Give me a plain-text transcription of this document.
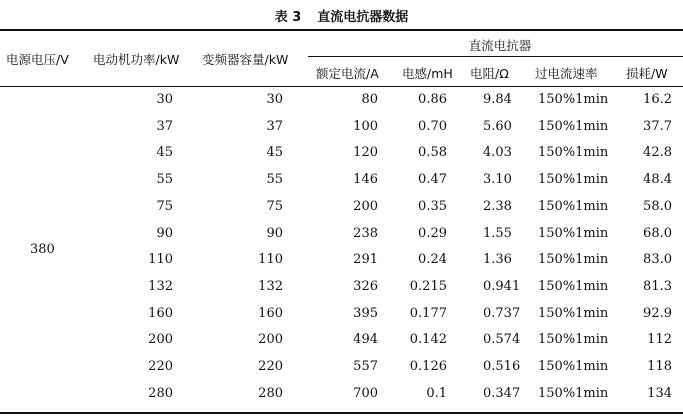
表 3 直流电抗器数据
电源电压/V 电动机功率/kW 变频器容量/kW
直流电抗器
额定电流/A 电感/mH 电阻/Ω 过电流速率 损耗/W
380
30	30	80	0.86	9.84 150%1min	16.2
37	37	100	0.70	5.60 150%1min	37.7
45	45	120	0.58	4.03 150%1min	42.8
55	55	146	0.47	3.10 150%1min	48.4
75	75	200	0.35	2.38 150%1min	58.0
90	90	238	0.29	1.55 150%1min	68.0
110	110	291	0.24	1.36 150%1min	83.0
132	132	326	0.215	0.941 150%1min	81.3
160	160	395	0.177	0.737 150%1min	92.9
200	200	494	0.142	0.574 150%1min	112
220	220	557	0.126	0.516 150%1min	118
280	280	700	0.1	0.347 150%1min	134
